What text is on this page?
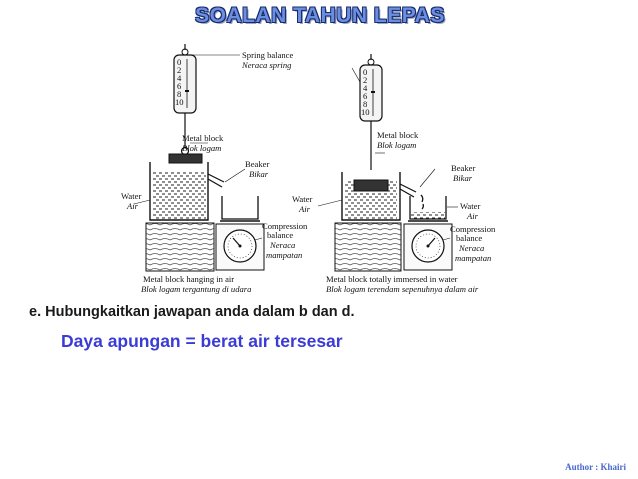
SOALAN TAHUN LEPAS
0
2
4
6
8
10
Spring balance
Neraca spring
Metal block
Blok logam
Beaker
Bikar
Water
Air
Compression
balance
Neraca
mampatan
Metal block hanging in air
Blok logam tergantung di udara
0
2
4
6
8
10
Metal block
Blok logam
Beaker
Bikar
Water
Air	Water
Air
Compression
balance
Neraca
mampatan
Metal block totally immersed in water
Blok logam terendam sepenuhnya dalam air
e. Hubungkaitkan jawapan anda dalam b dan d.
Daya apungan = berat air tersesar
Author : Khairi
